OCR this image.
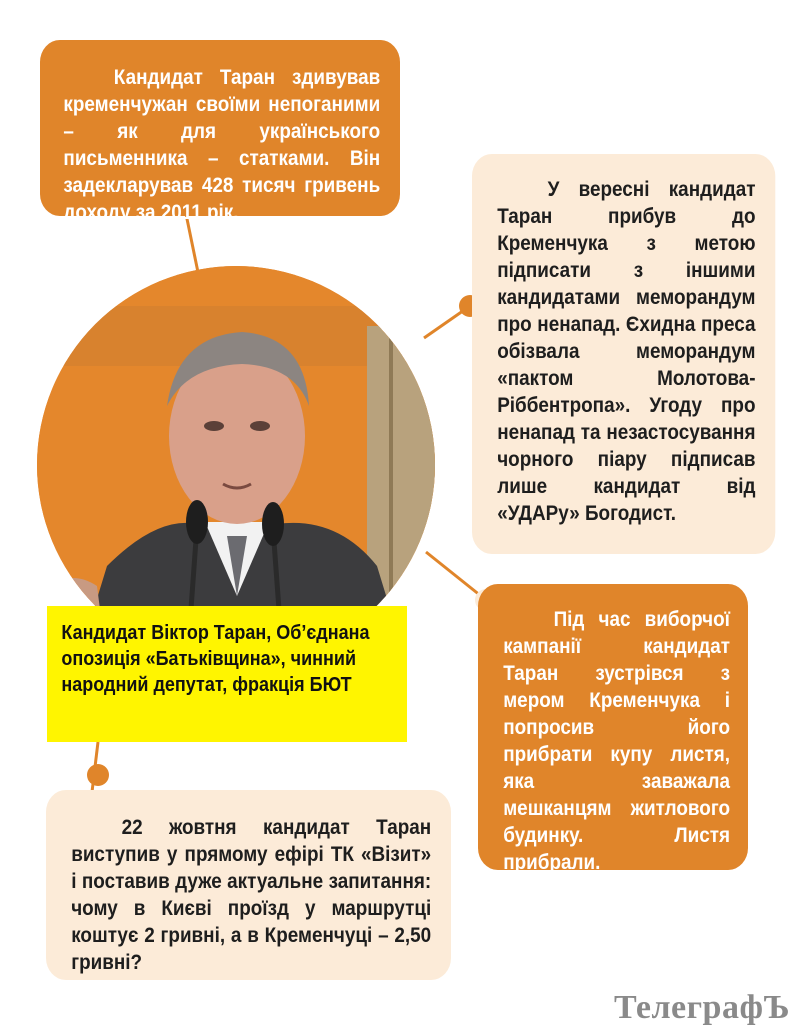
Кандидат Таран здивував кременчужан своїми непоганими – як для українського письменника – статками. Він задекларував 428 тисяч гривень доходу за 2011 рік.

У вересні кандидат Таран прибув до Кременчука з метою підписати з іншими кандидатами меморандум про ненапад. Єхидна преса обізвала меморандум «пактом Молотова-Ріббентропа». Угоду про ненапад та незастосування чорного піару підписав лише кандидат від «УДАРу» Богодист.

Під час виборчої кампанії кандидат Таран зустрівся з мером Кременчука і попросив його прибрати купу листя, яка заважала мешканцям житлового будинку. Листя прибрали.

22 жовтня кандидат Таран виступив у прямому ефірі ТК «Візит» і поставив дуже актуальне запитання: чому в Києві проїзд у маршрутці коштує 2 гривні, а в Кременчуці – 2,50 гривні?

Кандидат Віктор Таран, Об’єднана опозиція «Батьківщина», чинний народний депутат, фракція БЮТ
ТелеграфЪ
